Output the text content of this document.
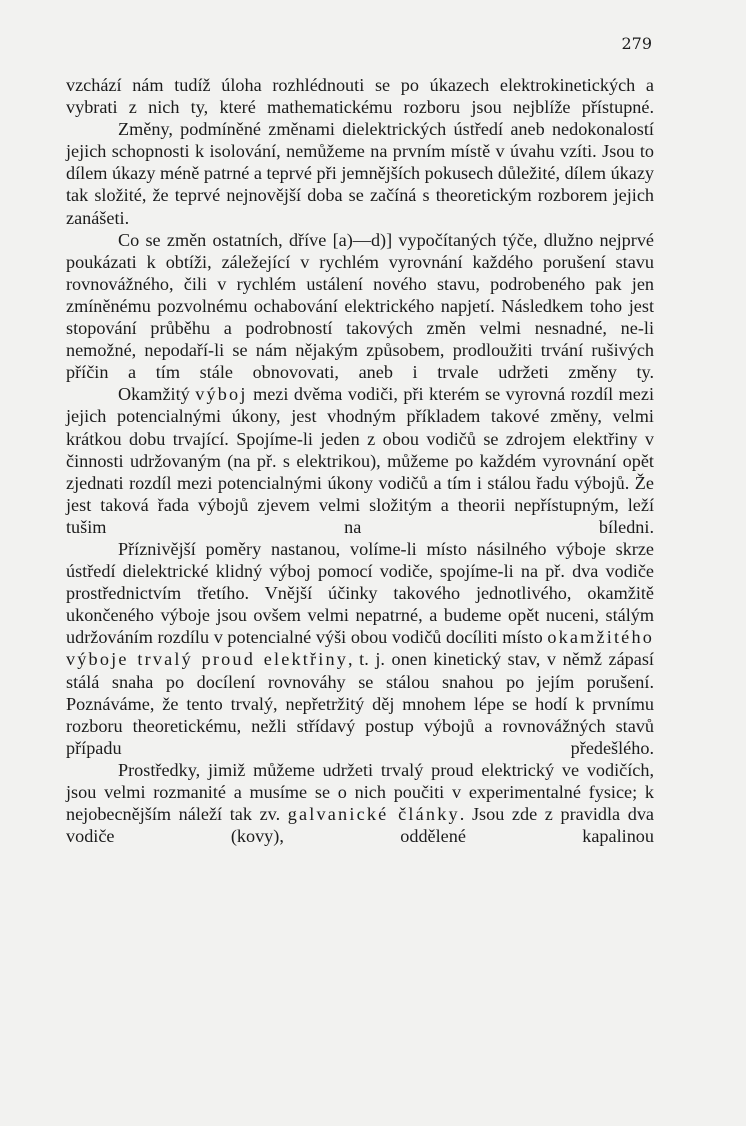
279

vzchází nám tudíž úloha rozhlédnouti se po úkazech elektrokinetických a vybrati z nich ty, které mathematickému rozboru jsou nejblíže přístupné.

Změny, podmíněné změnami dielektrických ústředí aneb nedokonalostí jejich schopnosti k isolování, nemůžeme na prvním místě v úvahu vzíti. Jsou to dílem úkazy méně patrné a teprvé při jemnějších pokusech důležité, dílem úkazy tak složité, že teprvé nejnovější doba se začíná s theoretickým rozborem jejich zanášeti.

Co se změn ostatních, dříve [a)—d)] vypočítaných týče, dlužno nejprvé poukázati k obtíži, záležející v rychlém vyrovnání každého porušení stavu rovnovážného, čili v rychlém ustálení nového stavu, podrobeného pak jen zmíněnému pozvolnému ochabování elektrického napjetí. Následkem toho jest stopování průběhu a podrobností takových změn velmi nesnadné, ne-li nemožné, nepodaří-li se nám nějakým způsobem, prodloužiti trvání rušivých příčin a tím stále obnovovati, aneb i trvale udržeti změny ty.

Okamžitý výboj mezi dvěma vodiči, při kterém se vyrovná rozdíl mezi jejich potencialnými úkony, jest vhodným příkladem takové změny, velmi krátkou dobu trvající. Spojíme-li jeden z obou vodičů se zdrojem elektřiny v činnosti udržovaným (na př. s elektrikou), můžeme po každém vyrovnání opět zjednati rozdíl mezi potencialnými úkony vodičů a tím i stálou řadu výbojů. Že jest taková řada výbojů zjevem velmi složitým a theorii nepřístupným, leží tušim na bíledni.

Příznivější poměry nastanou, volíme-li místo násilného výboje skrze ústředí dielektrické klidný výboj pomocí vodiče, spojíme-li na př. dva vodiče prostřednictvím třetího. Vnější účinky takového jednotlivého, okamžitě ukončeného výboje jsou ovšem velmi nepatrné, a budeme opět nuceni, stálým udržováním rozdílu v potencialné výši obou vodičů docíliti místo okamžitého výboje trvalý proud elektřiny, t. j. onen kinetický stav, v němž zápasí stálá snaha po docílení rovnováhy se stálou snahou po jejím porušení. Poznáváme, že tento trvalý, nepřetržitý děj mnohem lépe se hodí k prvnímu rozboru theoretickému, nežli střídavý postup výbojů a rovnovážných stavů případu předešlého.

Prostředky, jimiž můžeme udržeti trvalý proud elektrický ve vodičích, jsou velmi rozmanité a musíme se o nich poučiti v experimentalné fysice; k nejobecnějším náleží tak zv. galvanické články. Jsou zde z pravidla dva vodiče (kovy), oddělené kapalinou
